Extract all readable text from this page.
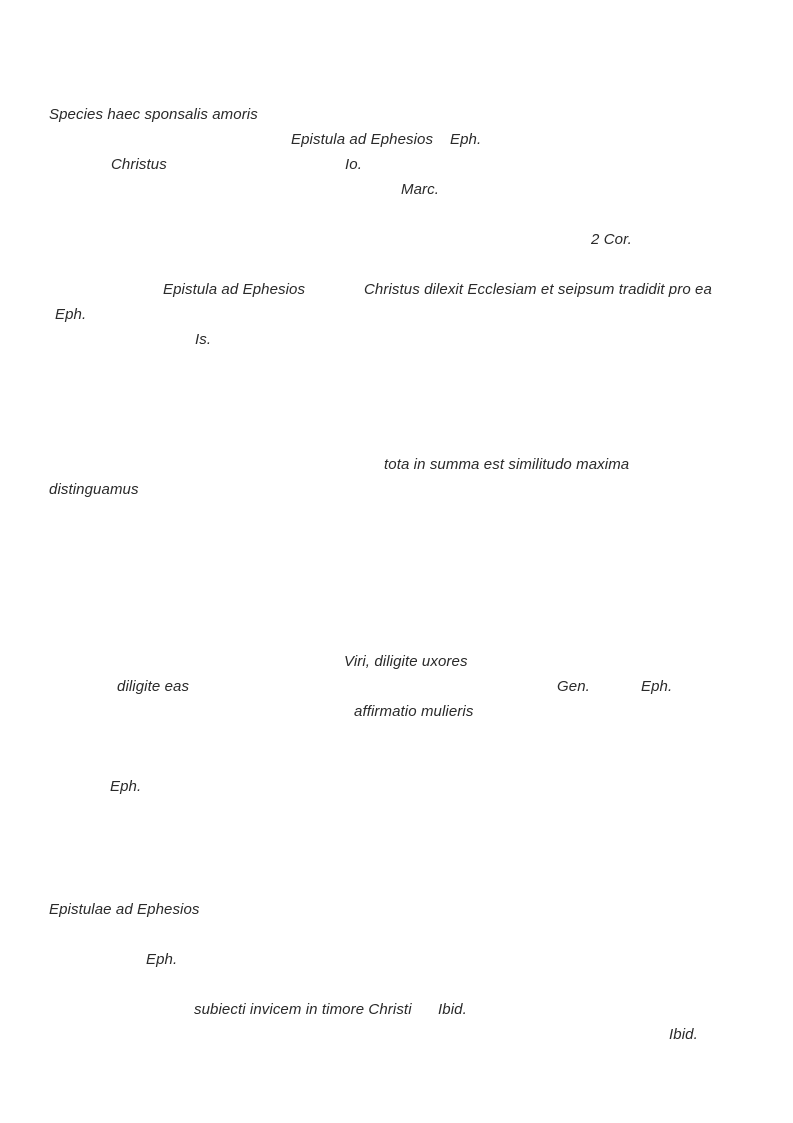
Species haec sponsalis amoris
Epistula ad Ephesios Eph.
Christus	Io.
Marc.
2 Cor.
Epistula ad Ephesios	Christus dilexit Ecclesiam et seipsum tradidit pro ea
Eph.
Is.
tota in summa est similitudo maxima
distinguamus
Viri, diligite uxores
diligite eas	Gen.	Eph.
affirmatio mulieris
Eph.
Epistulae ad Ephesios
Eph.
subiecti invicem in timore Christi Ibid.
Ibid.
